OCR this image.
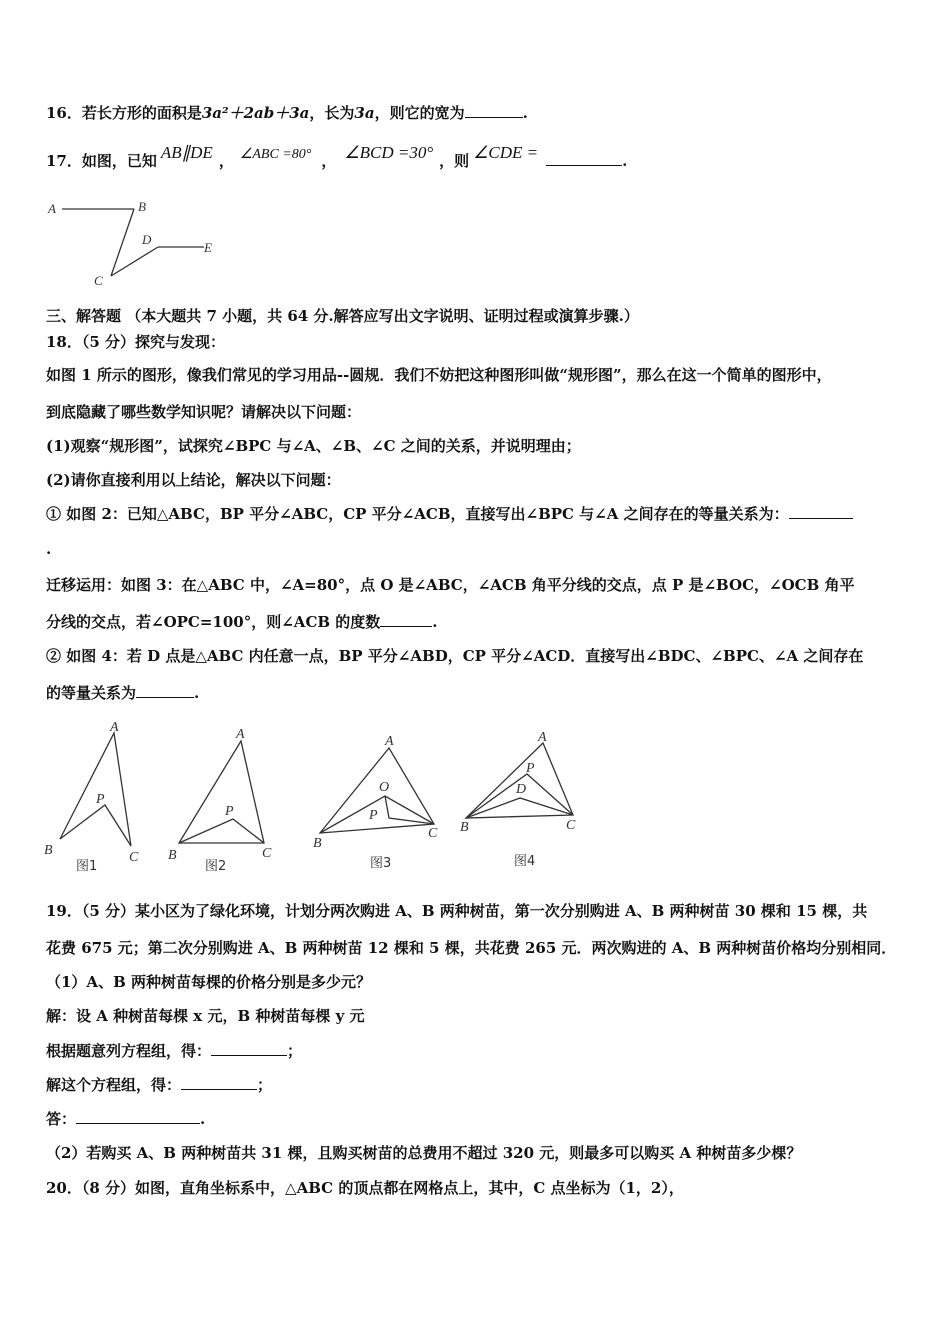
16．若长方形的面积是3a²＋2ab＋3a，长为3a，则它的宽为	.
17．如图，已知 AB∥DE ， ∠ABC =80° ， ∠BCD =30° ，则 ∠CDE =	.
A	B
C
D
E
三、解答题 （本大题共 7 小题，共 64 分.解答应写出文字说明、证明过程或演算步骤.）
18．（5 分）探究与发现：
如图 1 所示的图形，像我们常见的学习用品--圆规．我们不妨把这种图形叫做“规形图”，那么在这一个简单的图形中，
到底隐藏了哪些数学知识呢？请解决以下问题：
(1)观察“规形图”，试探究∠BPC 与∠A、∠B、∠C 之间的关系，并说明理由；
(2)请你直接利用以上结论，解决以下问题：
① 如图 2：已知△ABC，BP 平分∠ABC，CP 平分∠ACB，直接写出∠BPC 与∠A 之间存在的等量关系为：
.
迁移运用：如图 3：在△ABC 中，∠A=80°，点 O 是∠ABC，∠ACB 角平分线的交点，点 P 是∠BOC，∠OCB 角平
分线的交点，若∠OPC=100°，则∠ACB 的度数	.
② 如图 4：若 D 点是△ABC 内任意一点，BP 平分∠ABD，CP 平分∠ACD．直接写出∠BDC、∠BPC、∠A 之间存在
的等量关系为	.
A
B	C
P
A
B	C
P
A
B
C
O
P
A
B	C
P
D
图1	图2	图3	图4
19．（5 分）某小区为了绿化环境，计划分两次购进 A、B 两种树苗，第一次分别购进 A、B 两种树苗 30 棵和 15 棵，共
花费 675 元；第二次分别购进 A、B 两种树苗 12 棵和 5 棵，共花费 265 元．两次购进的 A、B 两种树苗价格均分别相同．
（1）A、B 两种树苗每棵的价格分别是多少元？
解：设 A 种树苗每棵 x 元，B 种树苗每棵 y 元
根据题意列方程组，得：	；
解这个方程组，得：	；
答：	.
（2）若购买 A、B 两种树苗共 31 棵，且购买树苗的总费用不超过 320 元，则最多可以购买 A 种树苗多少棵？
20．（8 分）如图，直角坐标系中，△ABC 的顶点都在网格点上，其中，C 点坐标为（1，2），
